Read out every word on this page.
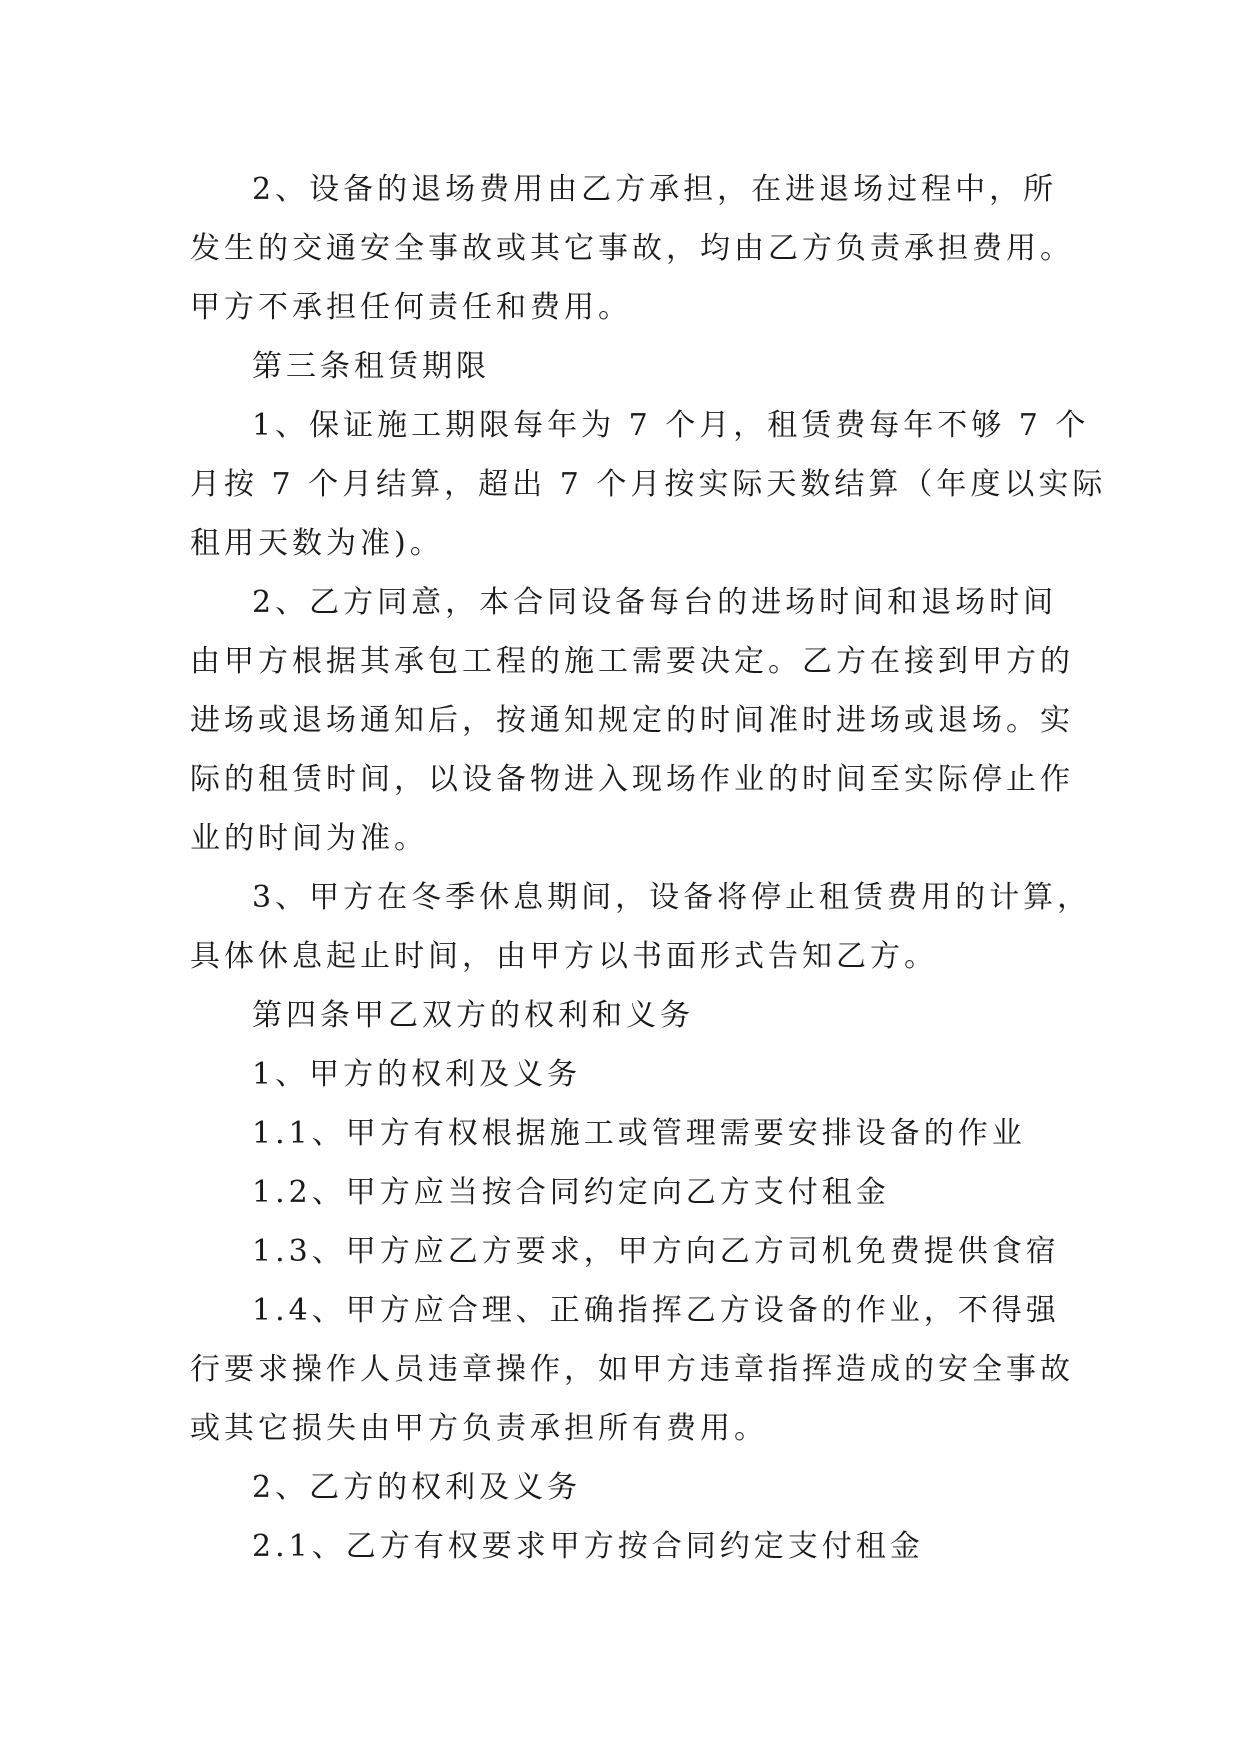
2、设备的退场费用由乙方承担，在进退场过程中，所
发生的交通安全事故或其它事故，均由乙方负责承担费用。
甲方不承担任何责任和费用。

第三条租赁期限

1、保证施工期限每年为 7 个月，租赁费每年不够 7 个
月按 7 个月结算，超出 7 个月按实际天数结算（年度以实际
租用天数为准)。

2、乙方同意，本合同设备每台的进场时间和退场时间
由甲方根据其承包工程的施工需要决定。乙方在接到甲方的
进场或退场通知后，按通知规定的时间准时进场或退场。实
际的租赁时间，以设备物进入现场作业的时间至实际停止作
业的时间为准。

3、甲方在冬季休息期间，设备将停止租赁费用的计算，
具体休息起止时间，由甲方以书面形式告知乙方。

第四条甲乙双方的权利和义务

1、甲方的权利及义务

1.1、甲方有权根据施工或管理需要安排设备的作业

1.2、甲方应当按合同约定向乙方支付租金

1.3、甲方应乙方要求，甲方向乙方司机免费提供食宿

1.4、甲方应合理、正确指挥乙方设备的作业，不得强
行要求操作人员违章操作，如甲方违章指挥造成的安全事故
或其它损失由甲方负责承担所有费用。

2、乙方的权利及义务

2.1、乙方有权要求甲方按合同约定支付租金
